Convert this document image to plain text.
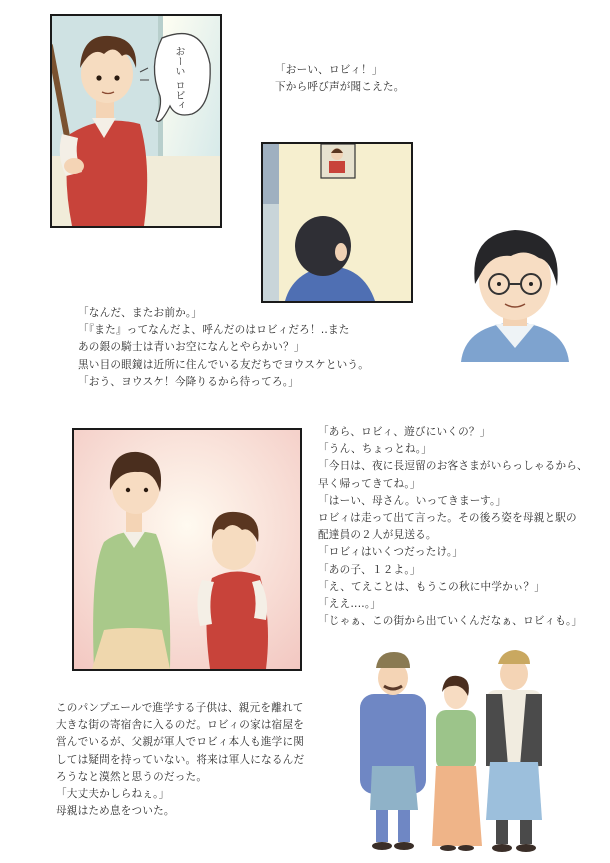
おーい ロビィ	「おーい、ロビィ！」

下から呼び声が聞こえた。

「なんだ、またお前か。」

「『また』ってなんだよ、呼んだのはロビィだろ！‥また

あの銀の騎士は青いお空になんとやらかい？」

黒い目の眼鏡は近所に住んでいる友だちでヨウスケという。

「おう、ヨウスケ！今降りるから待ってろ。」

「あら、ロビィ、遊びにいくの？」

「うん、ちょっとね。」

「今日は、夜に長逗留のお客さまがいらっしゃるから、

早く帰ってきてね。」

「はーい、母さん。いってきまーす。」

ロビィは走って出て言った。その後ろ姿を母親と駅の

配達員の２人が見送る。

「ロビィはいくつだったけ。」

「あの子、１２よ。」

「え、てえことは、もうこの秋に中学かぃ？」

「ええ‥‥。」

「じゃぁ、この街から出ていくんだなぁ、ロビィも。」

このパンプエールで進学する子供は、親元を離れて

大きな街の寄宿舎に入るのだ。ロビィの家は宿屋を

営んでいるが、父親が軍人でロビィ本人も進学に関

しては疑問を持っていない。将来は軍人になるんだ

ろうなと漠然と思うのだった。

「大丈夫かしらねぇ。」

母親はため息をついた。
